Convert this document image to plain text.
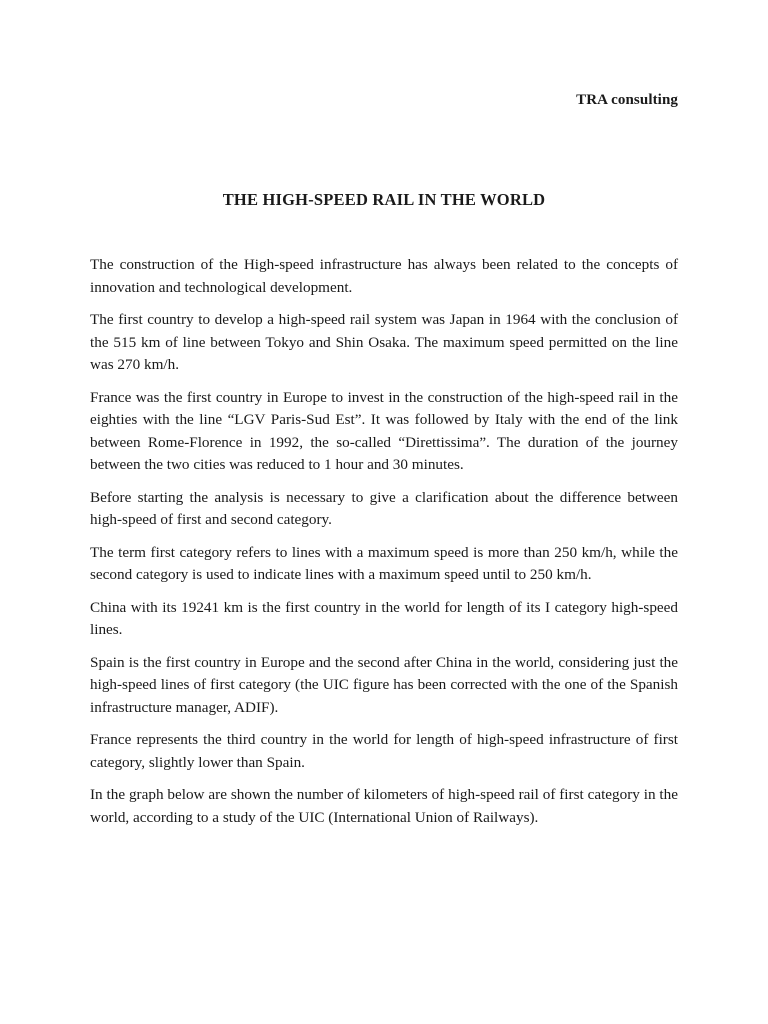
TRA consulting
THE HIGH-SPEED RAIL IN THE WORLD

The construction of the High-speed infrastructure has always been related to the concepts of innovation and technological development.

The first country to develop a high-speed rail system was Japan in 1964 with the conclusion of the 515 km of line between Tokyo and Shin Osaka. The maximum speed permitted on the line was 270 km/h.

France was the first country in Europe to invest in the construction of the high-speed rail in the eighties with the line “LGV Paris-Sud Est”. It was followed by Italy with the end of the link between Rome-Florence in 1992, the so-called “Direttissima”. The duration of the journey between the two cities was reduced to 1 hour and 30 minutes.

Before starting the analysis is necessary to give a clarification about the difference between high-speed of first and second category.

The term first category refers to lines with a maximum speed is more than 250 km/h, while the second category is used to indicate lines with a maximum speed until to 250 km/h.

China with its 19241 km is the first country in the world for length of its I category high-speed lines.

Spain is the first country in Europe and the second after China in the world, considering just the high-speed lines of first category (the UIC figure has been corrected with the one of the Spanish infrastructure manager, ADIF).

France represents the third country in the world for length of high-speed infrastructure of first category, slightly lower than Spain.

In the graph below are shown the number of kilometers of high-speed rail of first category in the world, according to a study of the UIC (International Union of Railways).
